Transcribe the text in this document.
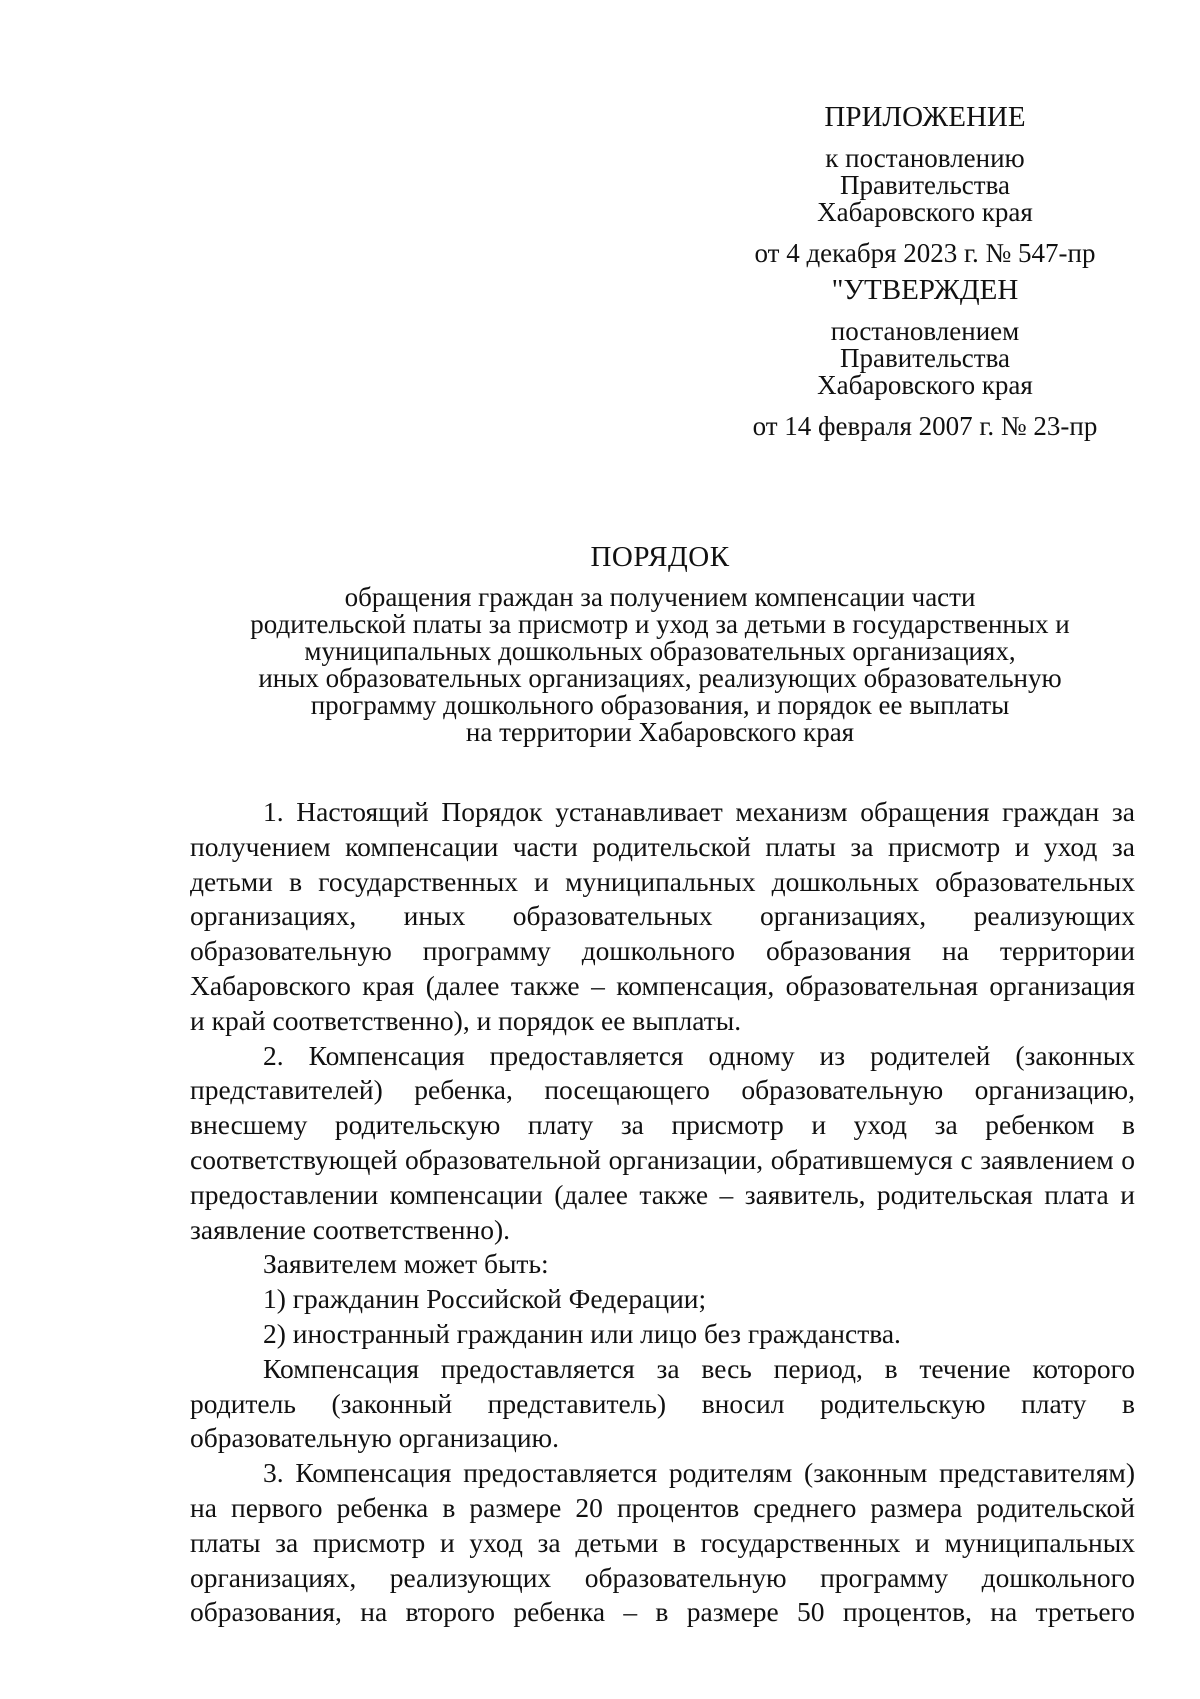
ПРИЛОЖЕНИЕ
к постановлению
Правительства
Хабаровского края
от 4 декабря 2023 г. № 547-пр
"УТВЕРЖДЕН
постановлением
Правительства
Хабаровского края
от 14 февраля 2007 г. № 23-пр
ПОРЯДОК
обращения граждан за получением компенсации части
родительской платы за присмотр и уход за детьми в государственных и
муниципальных дошкольных образовательных организациях,
иных образовательных организациях, реализующих образовательную
программу дошкольного образования, и порядок ее выплаты
на территории Хабаровского края
1. Настоящий Порядок устанавливает механизм обращения граждан за
получением компенсации части родительской платы за присмотр и уход за
детьми в государственных и муниципальных дошкольных образовательных
организациях, иных образовательных организациях, реализующих
образовательную программу дошкольного образования на территории
Хабаровского края (далее также – компенсация, образовательная организация
и край соответственно), и порядок ее выплаты.
2. Компенсация предоставляется одному из родителей (законных
представителей) ребенка, посещающего образовательную организацию,
внесшему родительскую плату за присмотр и уход за ребенком в
соответствующей образовательной организации, обратившемуся с заявлением о
предоставлении компенсации (далее также – заявитель, родительская плата и
заявление соответственно).
Заявителем может быть:
1) гражданин Российской Федерации;
2) иностранный гражданин или лицо без гражданства.
Компенсация предоставляется за весь период, в течение которого
родитель (законный представитель) вносил родительскую плату в
образовательную организацию.
3. Компенсация предоставляется родителям (законным представителям)
на первого ребенка в размере 20 процентов среднего размера родительской
платы за присмотр и уход за детьми в государственных и муниципальных
организациях, реализующих образовательную программу дошкольного
образования, на второго ребенка – в размере 50 процентов, на третьего
